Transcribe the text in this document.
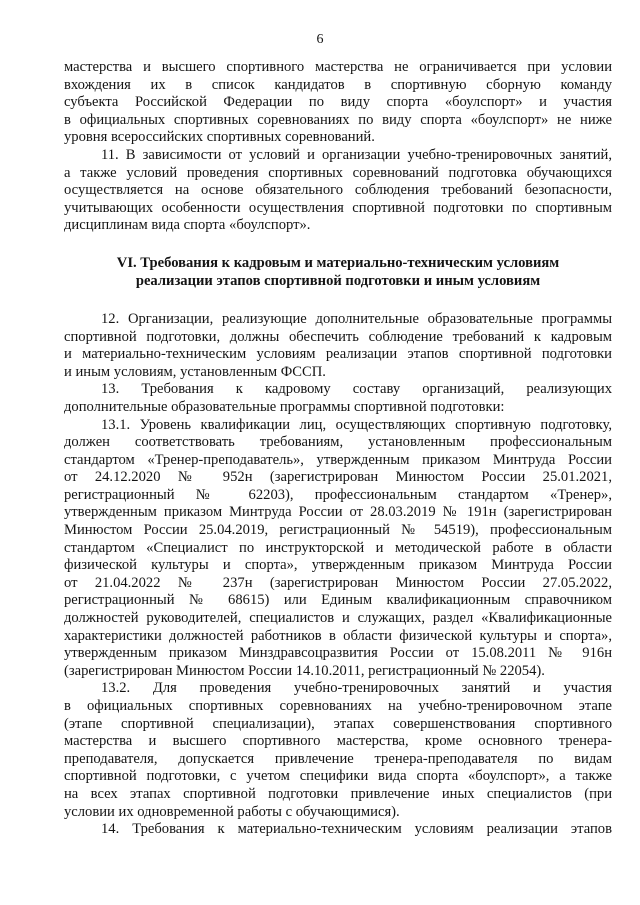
6
мастерства и высшего спортивного мастерства не ограничивается при условии
вхождения их в список кандидатов в спортивную сборную команду
субъекта Российской Федерации по виду спорта «боулспорт» и участия
в официальных спортивных соревнованиях по виду спорта «боулспорт» не ниже
уровня всероссийских спортивных соревнований.
11. В зависимости от условий и организации учебно-тренировочных занятий,
а также условий проведения спортивных соревнований подготовка обучающихся
осуществляется на основе обязательного соблюдения требований безопасности,
учитывающих особенности осуществления спортивной подготовки по спортивным
дисциплинам вида спорта «боулспорт».
VI. Требования к кадровым и материально-техническим условиям
реализации этапов спортивной подготовки и иным условиям
12. Организации, реализующие дополнительные образовательные программы
спортивной подготовки, должны обеспечить соблюдение требований к кадровым
и материально-техническим условиям реализации этапов спортивной подготовки
и иным условиям, установленным ФССП.
13. Требования к кадровому составу организаций, реализующих
дополнительные образовательные программы спортивной подготовки:
13.1. Уровень квалификации лиц, осуществляющих спортивную подготовку,
должен соответствовать требованиям, установленным профессиональным
стандартом «Тренер-преподаватель», утвержденным приказом Минтруда России
от 24.12.2020 № 952н (зарегистрирован Минюстом России 25.01.2021,
регистрационный № 62203), профессиональным стандартом «Тренер»,
утвержденным приказом Минтруда России от 28.03.2019 № 191н (зарегистрирован
Минюстом России 25.04.2019, регистрационный № 54519), профессиональным
стандартом «Специалист по инструкторской и методической работе в области
физической культуры и спорта», утвержденным приказом Минтруда России
от 21.04.2022 № 237н (зарегистрирован Минюстом России 27.05.2022,
регистрационный № 68615) или Единым квалификационным справочником
должностей руководителей, специалистов и служащих, раздел «Квалификационные
характеристики должностей работников в области физической культуры и спорта»,
утвержденным приказом Минздравсоцразвития России от 15.08.2011 № 916н
(зарегистрирован Минюстом России 14.10.2011, регистрационный № 22054).
13.2. Для проведения учебно-тренировочных занятий и участия
в официальных спортивных соревнованиях на учебно-тренировочном этапе
(этапе спортивной специализации), этапах совершенствования спортивного
мастерства и высшего спортивного мастерства, кроме основного тренера-
преподавателя, допускается привлечение тренера-преподавателя по видам
спортивной подготовки, с учетом специфики вида спорта «боулспорт», а также
на всех этапах спортивной подготовки привлечение иных специалистов (при
условии их одновременной работы с обучающимися).
14. Требования к материально-техническим условиям реализации этапов
